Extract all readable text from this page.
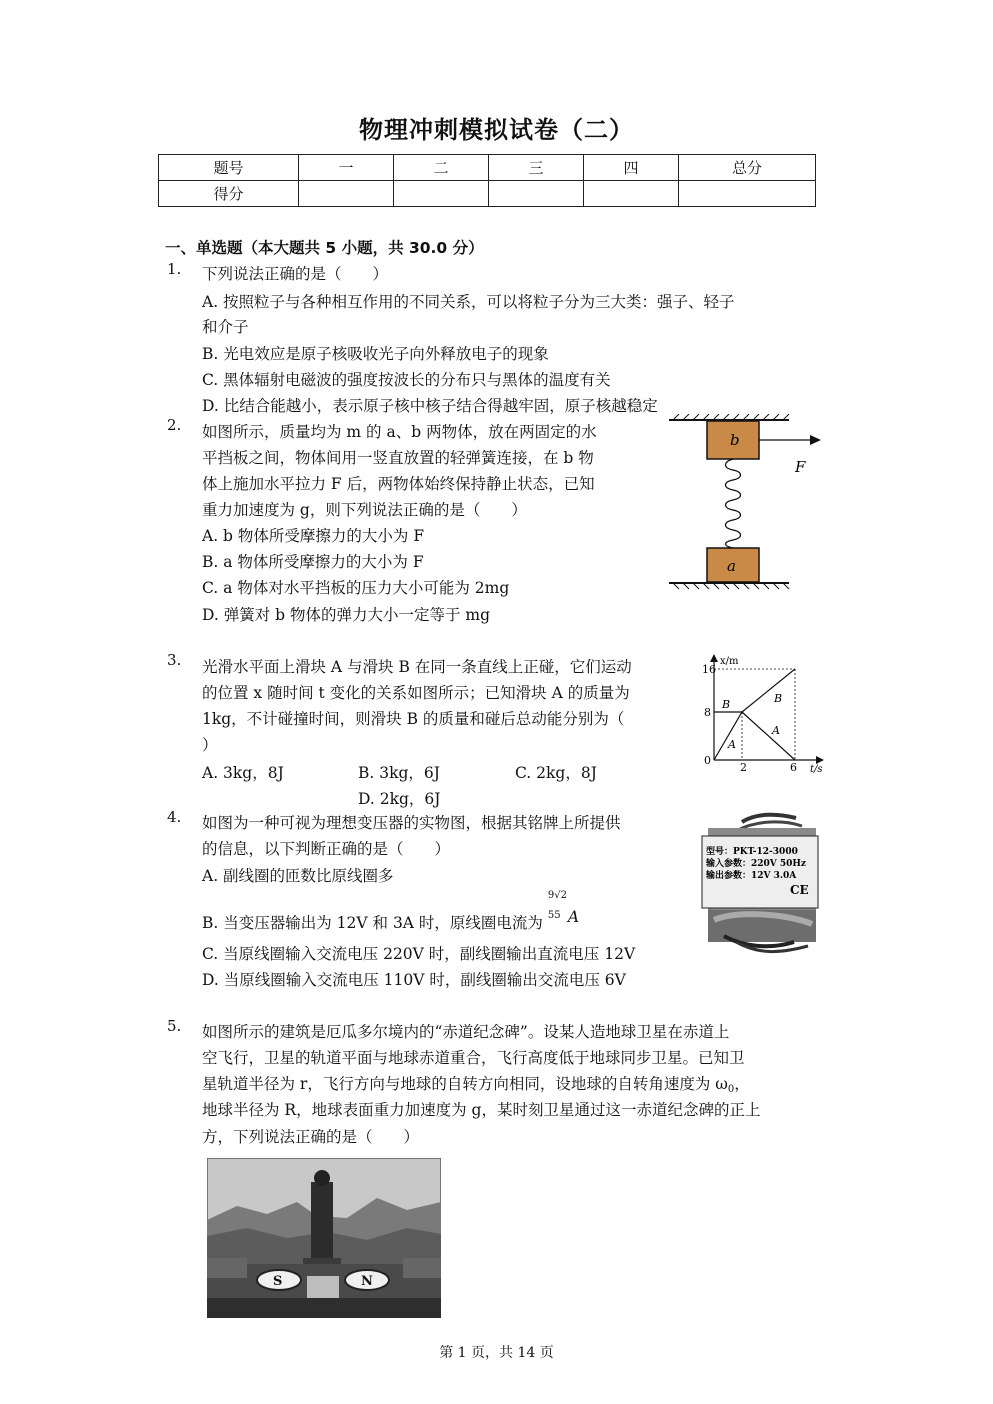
物理冲刺模拟试卷（二）
题号	一	二	三	四	总分
得分					
一、单选题（本大题共 5 小题，共 30.0 分）
1. 下列说法正确的是（　　）
A. 按照粒子与各种相互作用的不同关系，可以将粒子分为三大类：强子、轻子
和介子
B. 光电效应是原子核吸收光子向外释放电子的现象
C. 黑体辐射电磁波的强度按波长的分布只与黑体的温度有关
D. 比结合能越小，表示原子核中核子结合得越牢固，原子核越稳定
2. 如图所示，质量均为 m 的 a、b 两物体，放在两固定的水
平挡板之间，物体间用一竖直放置的轻弹簧连接，在 b 物
体上施加水平拉力 F 后，两物体始终保持静止状态，已知
重力加速度为 g，则下列说法正确的是（　　）
A. b 物体所受摩擦力的大小为 F
B. a 物体所受摩擦力的大小为 F
C. a 物体对水平挡板的压力大小可能为 2mg
D. 弹簧对 b 物体的弹力大小一定等于 mg
b
F
a
3. 光滑水平面上滑块 A 与滑块 B 在同一条直线上正碰，它们运动
的位置 x 随时间 t 变化的关系如图所示；已知滑块 A 的质量为
1kg，不计碰撞时间，则滑块 B 的质量和碰后总动能分别为（
）
A. 3kg，8J	B. 3kg，6J	C. 2kg，8J
D. 2kg，6J
x/m
t/s
16
8
0
2	6
B	B
A
A
4. 如图为一种可视为理想变压器的实物图，根据其铭牌上所提供
的信息，以下判断正确的是（　　）
A. 副线圈的匝数比原线圈多
B. 当变压器输出为 12V 和 3A 时，原线圈电流为
9√2
55 A
C. 当原线圈输入交流电压 220V 时，副线圈输出直流电压 12V
D. 当原线圈输入交流电压 110V 时，副线圈输出交流电压 6V
型号：PKT-12-3000
输入参数：220V 50Hz
输出参数：12V 3.0A
CE
5. 如图所示的建筑是厄瓜多尔境内的“赤道纪念碑”。设某人造地球卫星在赤道上
空飞行，卫星的轨道平面与地球赤道重合，飞行高度低于地球同步卫星。已知卫
星轨道半径为 r，飞行方向与地球的自转方向相同，设地球的自转角速度为 $\omega_0$，
地球半径为 R，地球表面重力加速度为 g，某时刻卫星通过这一赤道纪念碑的正上
方，下列说法正确的是（　　）
S	N
第 1 页，共 14 页
